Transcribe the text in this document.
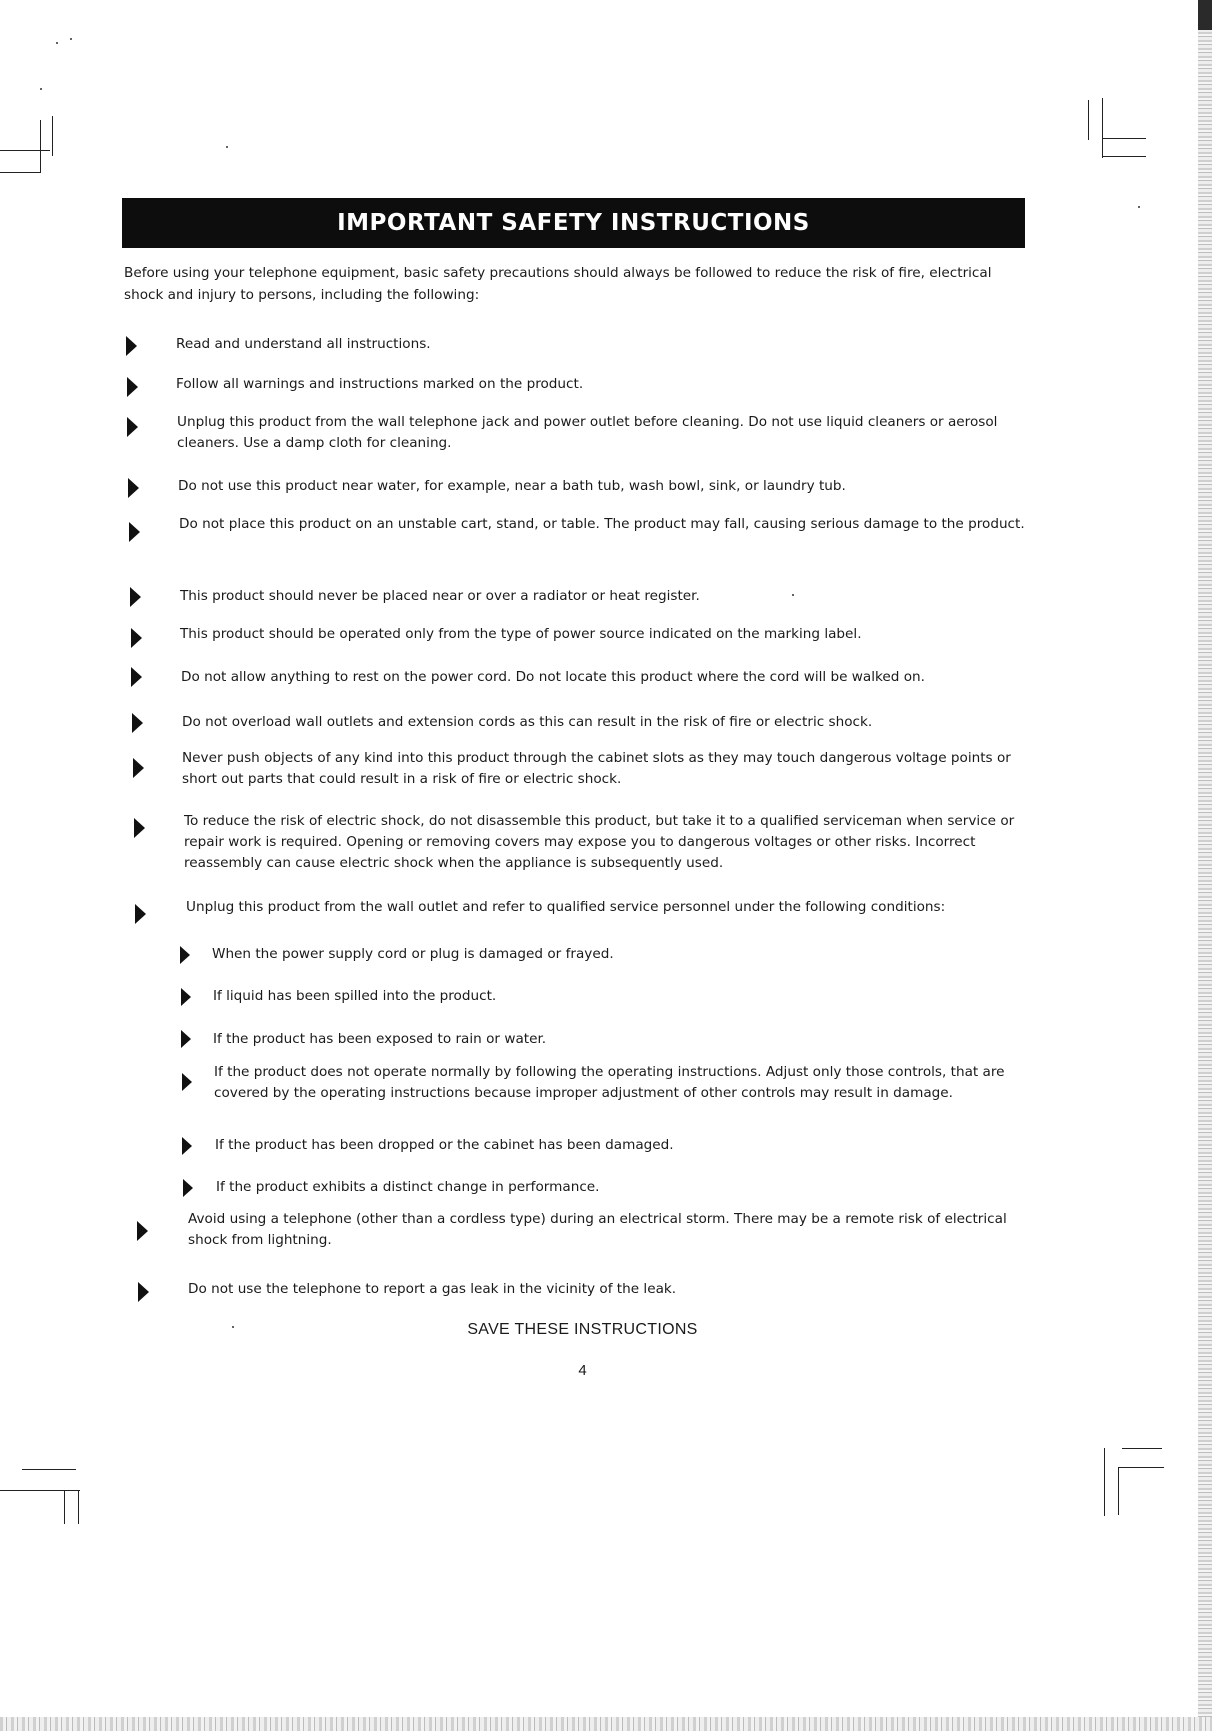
IMPORTANT SAFETY INSTRUCTIONS

Before using your telephone equipment, basic safety precautions should always be followed to reduce the risk of fire, electrical shock and injury to persons, including the following:

Read and understand all instructions.

Follow all warnings and instructions marked on the product.

Unplug this product from the wall telephone jack and power outlet before cleaning. Do not use liquid cleaners or aerosol cleaners. Use a damp cloth for cleaning.

Do not use this product near water, for example, near a bath tub, wash bowl, sink, or laundry tub.

Do not place this product on an unstable cart, stand, or table. The product may fall, causing serious damage to the product.

This product should never be placed near or over a radiator or heat register.

This product should be operated only from the type of power source indicated on the marking label.

Do not allow anything to rest on the power cord. Do not locate this product where the cord will be walked on.

Do not overload wall outlets and extension cords as this can result in the risk of fire or electric shock.

Never push objects of any kind into this product through the cabinet slots as they may touch dangerous voltage points or short out parts that could result in a risk of fire or electric shock.

To reduce the risk of electric shock, do not disassemble this product, but take it to a qualified serviceman when service or repair work is required. Opening or removing covers may expose you to dangerous voltages or other risks. Incorrect reassembly can cause electric shock when the appliance is subsequently used.

Unplug this product from the wall outlet and refer to qualified service personnel under the following conditions:

When the power supply cord or plug is damaged or frayed.

If liquid has been spilled into the product.

If the product has been exposed to rain or water.

If the product does not operate normally by following the operating instructions. Adjust only those controls, that are covered by the operating instructions because improper adjustment of other controls may result in damage.

If the product has been dropped or the cabinet has been damaged.

If the product exhibits a distinct change in performance.

Avoid using a telephone (other than a cordless type) during an electrical storm. There may be a remote risk of electrical shock from lightning.

Do not use the telephone to report a gas leak in the vicinity of the leak.

SAVE THESE INSTRUCTIONS
4
